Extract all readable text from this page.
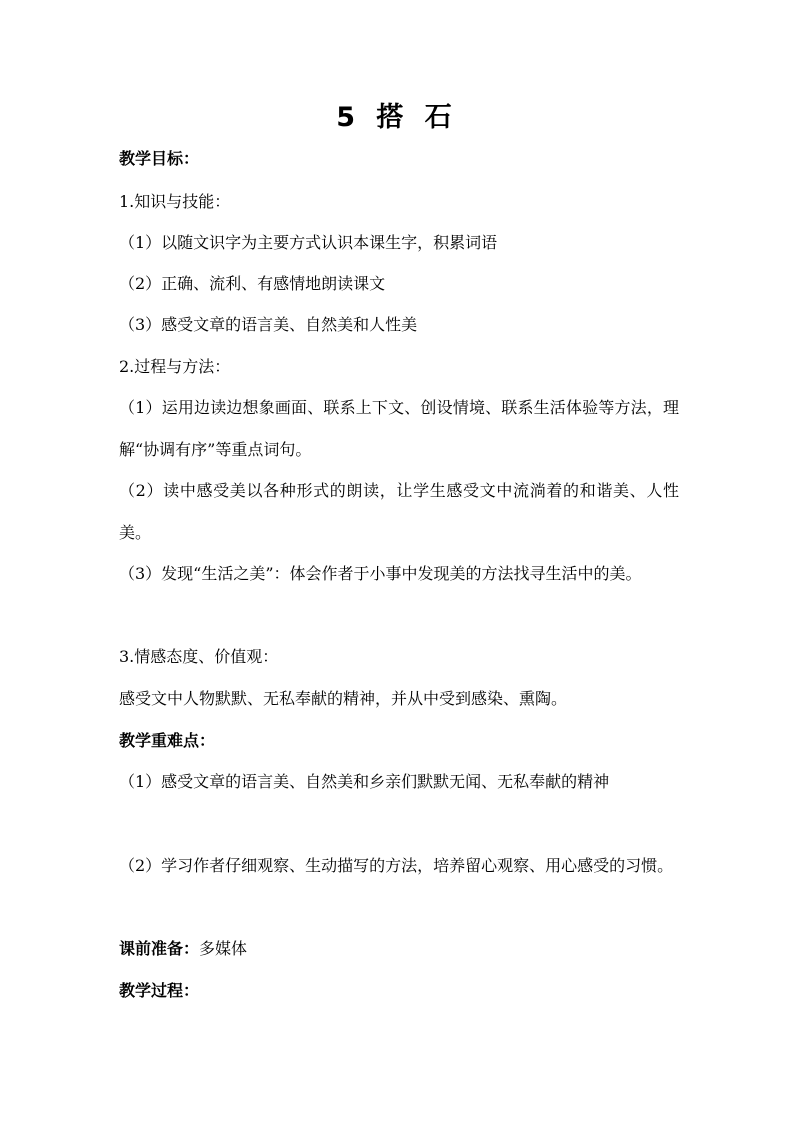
5 搭 石
教学目标：
1.知识与技能：
（1）以随文识字为主要方式认识本课生字，积累词语
（2）正确、流利、有感情地朗读课文
（3）感受文章的语言美、自然美和人性美
2.过程与方法：
（1）运用边读边想象画面、联系上下文、创设情境、联系生活体验等方法，理解“协调有序”等重点词句。
（2）读中感受美以各种形式的朗读，让学生感受文中流淌着的和谐美、人性美。
（3）发现“生活之美”：体会作者于小事中发现美的方法找寻生活中的美。
3.情感态度、价值观：
感受文中人物默默、无私奉献的精神，并从中受到感染、熏陶。
教学重难点：
（1）感受文章的语言美、自然美和乡亲们默默无闻、无私奉献的精神
（2）学习作者仔细观察、生动描写的方法，培养留心观察、用心感受的习惯。
课前准备：多媒体
教学过程：
